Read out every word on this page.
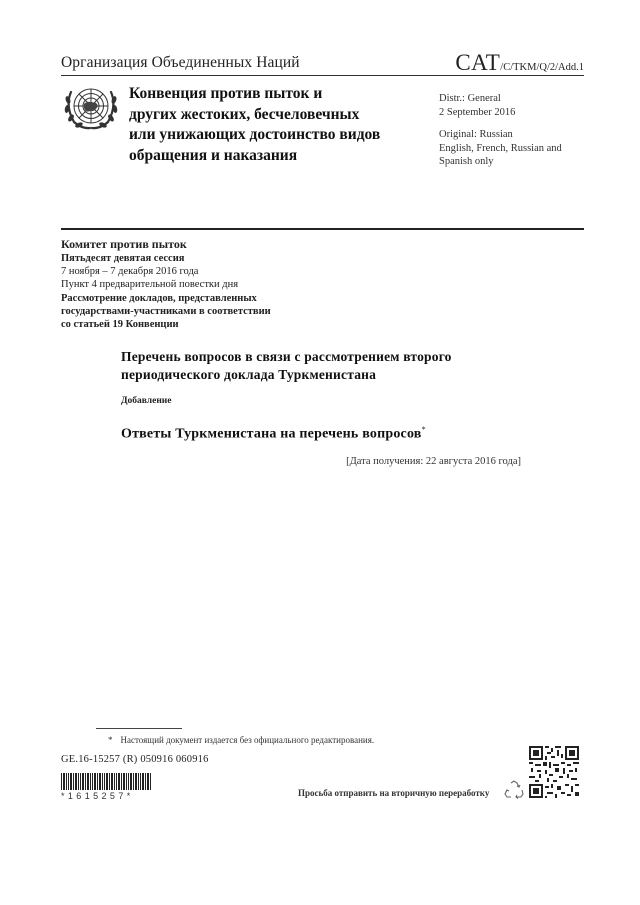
Организация Объединенных Наций	CAT/C/TKM/Q/2/Add.1
Конвенция против пыток и
других жестоких, бесчеловечных
или унижающих достоинство видов
обращения и наказания
Distr.: General
2 September 2016
Original: Russian
English, French, Russian and
Spanish only
Комитет против пыток
Пятьдесят девятая сессия
7 ноября – 7 декабря 2016 года
Пункт 4 предварительной повестки дня
Рассмотрение докладов, представленных
государствами-участниками в соответствии
со статьей 19 Конвенции
Перечень вопросов в связи с рассмотрением второго
периодического доклада Туркменистана
Добавление
Ответы Туркменистана на перечень вопросов*
[Дата получения: 22 августа 2016 года]
* Настоящий документ издается без официального редактирования.
GE.16-15257 (R) 050916 060916
*1615257*	Просьба отправить на вторичную переработку
